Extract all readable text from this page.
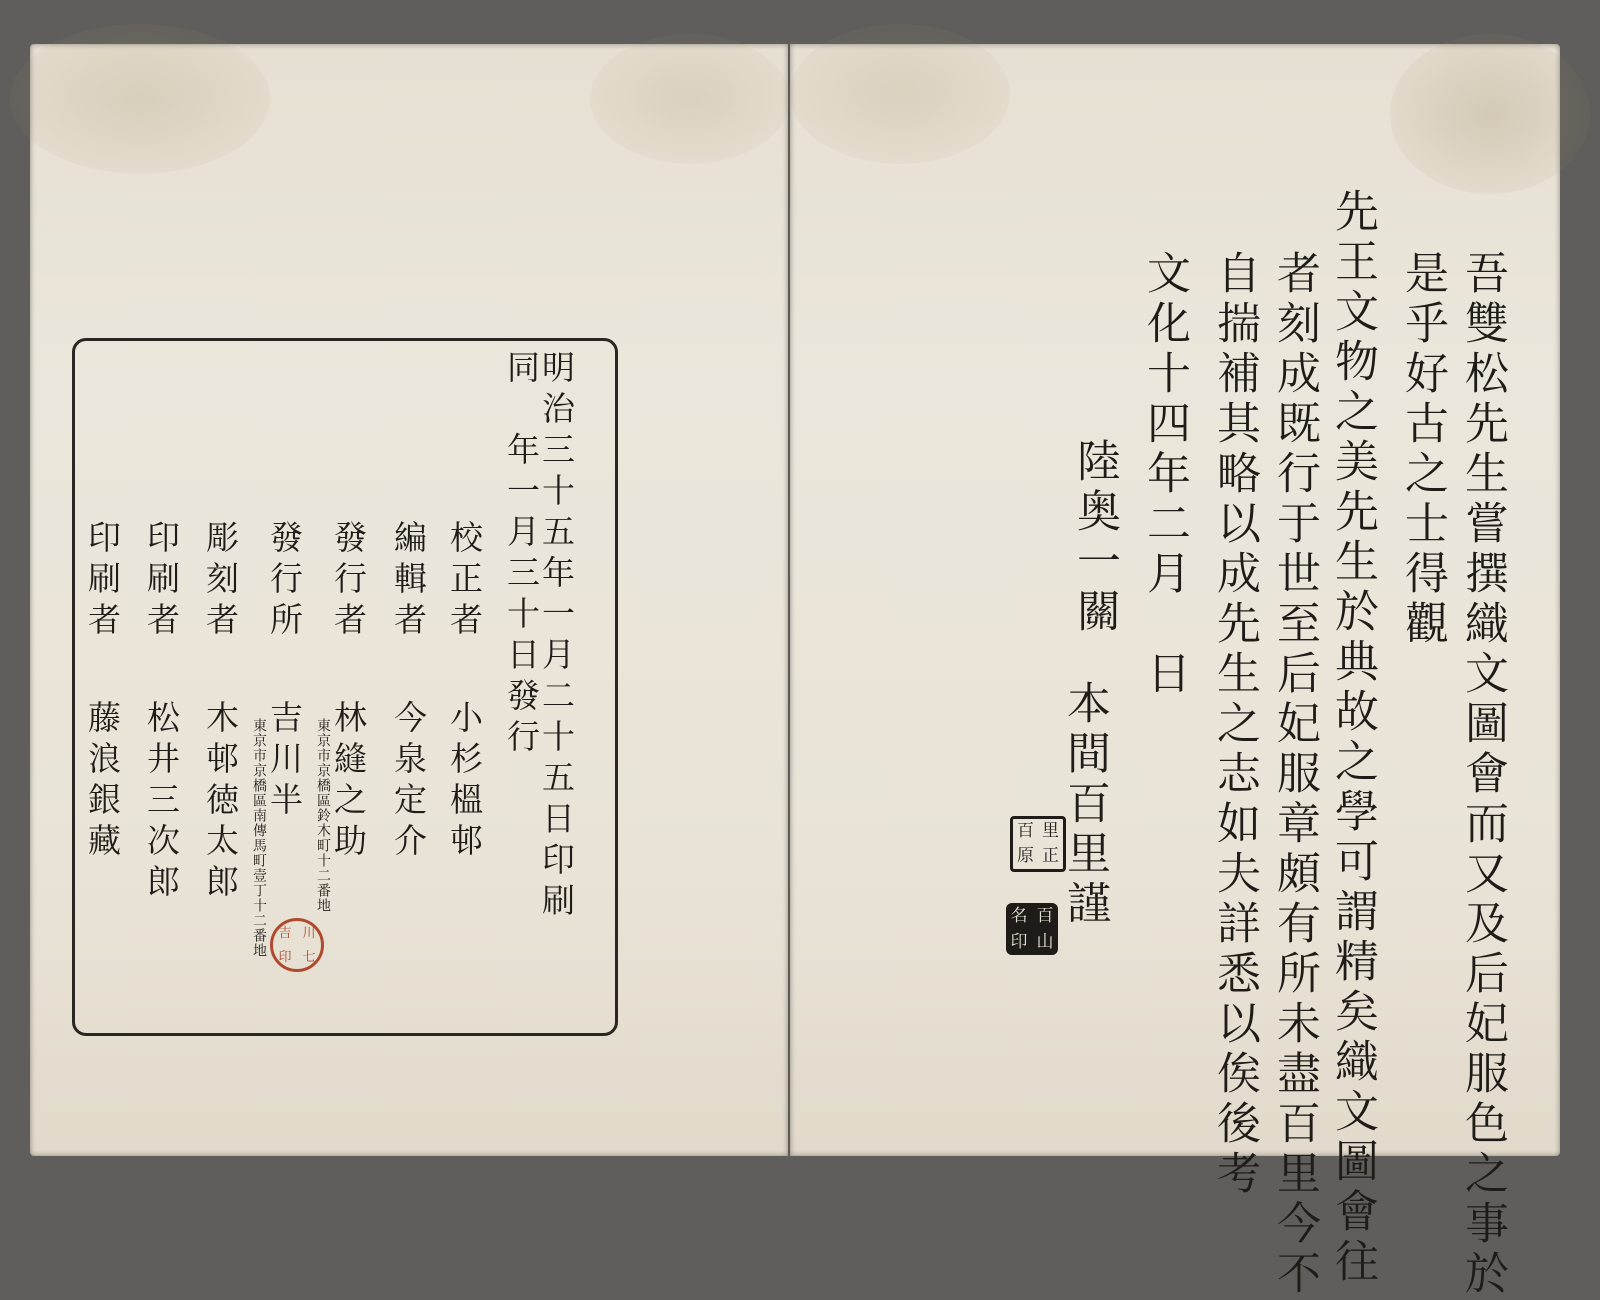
吾雙松先生嘗撰織文圖會而又及后妃服色之事於
是乎好古之士得觀
先王文物之美先生於典故之學可謂精矣織文圖會往
者刻成既行于世至后妃服章頗有所未盡百里今不
自揣補其略以成先生之志如夫詳悉以俟後考
文化十四年二月　日
陸奥一關
本間百里謹
百 里
原 正
名 百
印 山
明治三十五年一月二十五日印刷
同　年一月三十日發行
校正者
編輯者
發行者
發行所
彫刻者
印刷者
印刷者
小杉榲邨
今泉定介
林縫之助
吉川半
木邨徳太郎
松井三次郎
藤浪銀藏	東京市京橋區鈴木町十二番地
東京市京橋區南傳馬町壹丁十二番地 吉 川
印 七
